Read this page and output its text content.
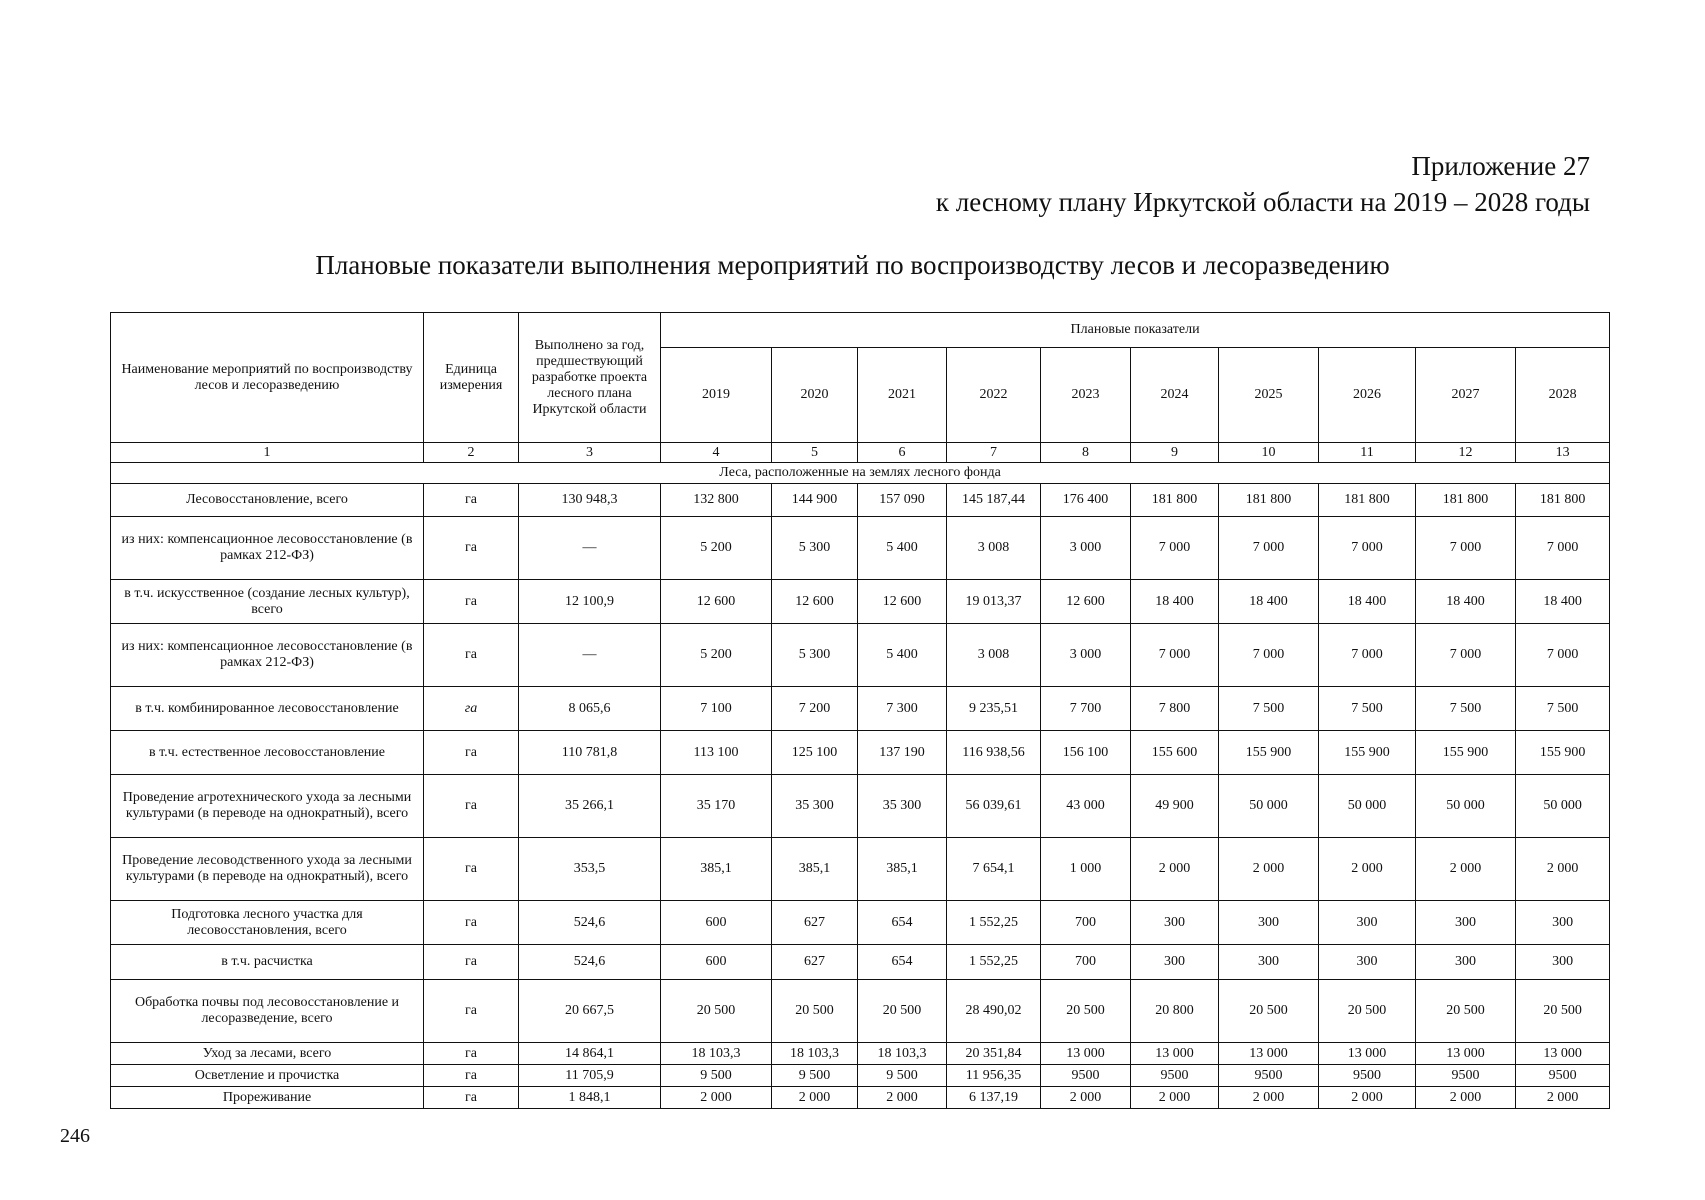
Приложение 27
к лесному плану Иркутской области на 2019 – 2028 годы
Плановые показатели выполнения мероприятий по воспроизводству лесов и лесоразведению
Наименование мероприятий по воспроизводству лесов и лесоразведению	Единица измерения	Выполнено за год, предшествующий разработке проекта лесного плана Иркутской области	Плановые показатели									
			2019	2020	2021	2022	2023	2024	2025	2026	2027	2028
1	2	3	4	5	6	7	8	9	10	11	12	13
Леса, расположенные на землях лесного фонда												
Лесовосстановление, всего	га	130 948,3	132 800	144 900	157 090	145 187,44	176 400	181 800	181 800	181 800	181 800	181 800
из них: компенсационное лесовосстановление (в рамках 212-ФЗ)	га	—	5 200	5 300	5 400	3 008	3 000	7 000	7 000	7 000	7 000	7 000
в т.ч. искусственное (создание лесных культур), всего	га	12 100,9	12 600	12 600	12 600	19 013,37	12 600	18 400	18 400	18 400	18 400	18 400
из них: компенсационное лесовосстановление (в рамках 212-ФЗ)	га	—	5 200	5 300	5 400	3 008	3 000	7 000	7 000	7 000	7 000	7 000
в т.ч. комбинированное лесовосстановление	га	8 065,6	7 100	7 200	7 300	9 235,51	7 700	7 800	7 500	7 500	7 500	7 500
в т.ч. естественное лесовосстановление	га	110 781,8	113 100	125 100	137 190	116 938,56	156 100	155 600	155 900	155 900	155 900	155 900
Проведение агротехнического ухода за лесными культурами (в переводе на однократный), всего	га	35 266,1	35 170	35 300	35 300	56 039,61	43 000	49 900	50 000	50 000	50 000	50 000
Проведение лесоводственного ухода за лесными культурами (в переводе на однократный), всего	га	353,5	385,1	385,1	385,1	7 654,1	1 000	2 000	2 000	2 000	2 000	2 000
Подготовка лесного участка для лесовосстановления, всего	га	524,6	600	627	654	1 552,25	700	300	300	300	300	300
в т.ч. расчистка	га	524,6	600	627	654	1 552,25	700	300	300	300	300	300
Обработка почвы под лесовосстановление и лесоразведение, всего	га	20 667,5	20 500	20 500	20 500	28 490,02	20 500	20 800	20 500	20 500	20 500	20 500
Уход за лесами, всего	га	14 864,1	18 103,3	18 103,3	18 103,3	20 351,84	13 000	13 000	13 000	13 000	13 000	13 000
Осветление и прочистка	га	11 705,9	9 500	9 500	9 500	11 956,35	9500	9500	9500	9500	9500	9500
Прореживание	га	1 848,1	2 000	2 000	2 000	6 137,19	2 000	2 000	2 000	2 000	2 000	2 000
246
